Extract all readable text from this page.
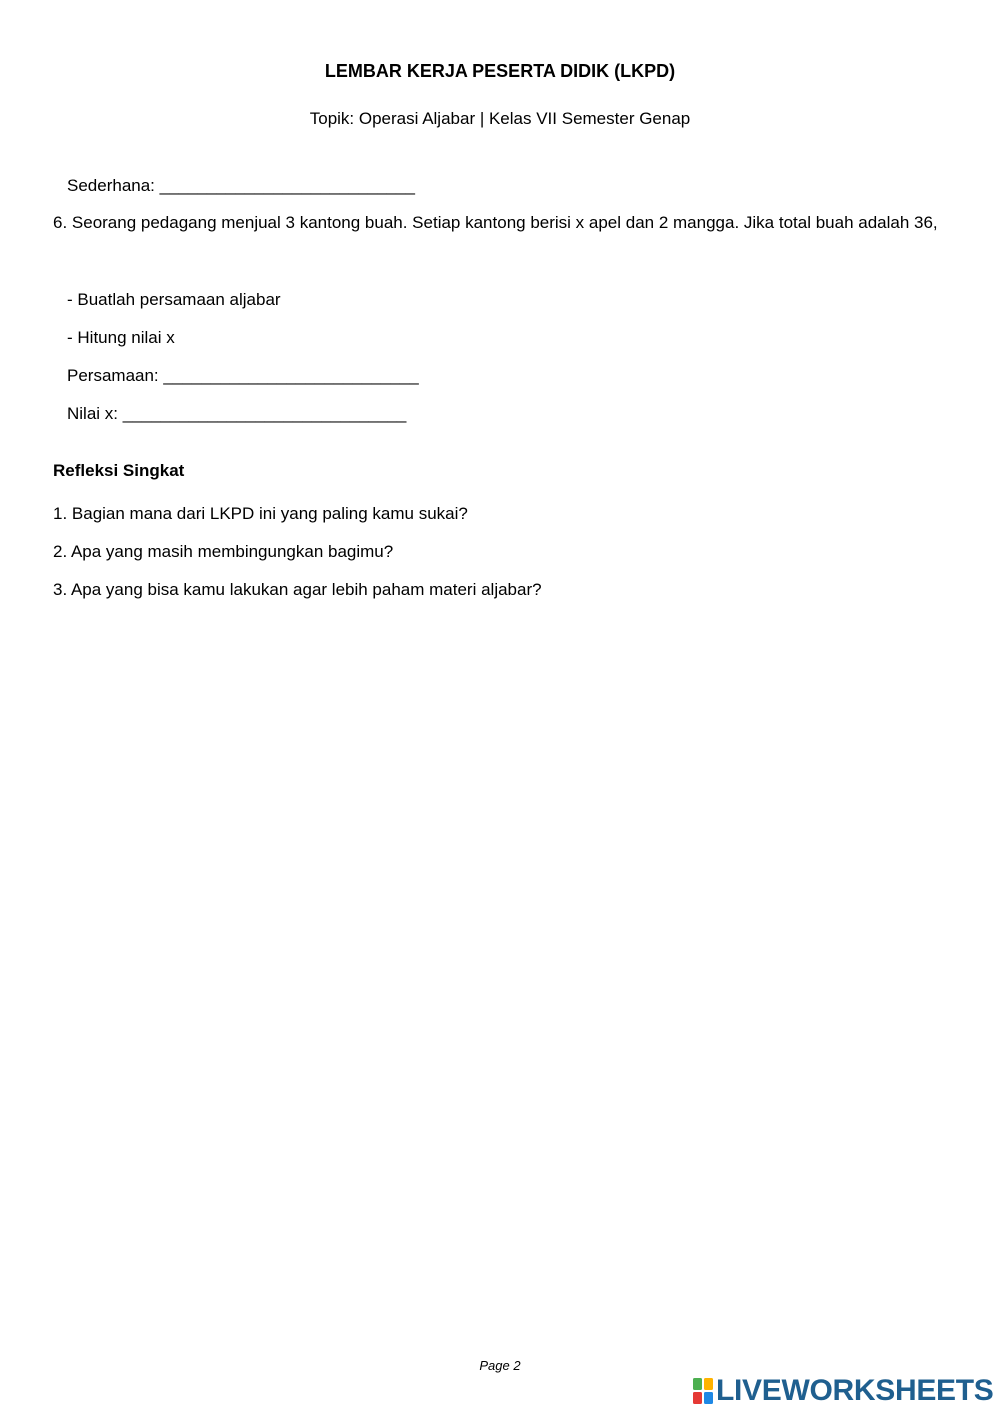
LEMBAR KERJA PESERTA DIDIK (LKPD)
Topik: Operasi Aljabar | Kelas VII Semester Genap
Sederhana: ___________________________
6. Seorang pedagang menjual 3 kantong buah. Setiap kantong berisi x apel dan 2 mangga. Jika total buah adalah 36,
- Buatlah persamaan aljabar
- Hitung nilai x
Persamaan: ___________________________
Nilai x: ______________________________
Refleksi Singkat
1. Bagian mana dari LKPD ini yang paling kamu sukai?
2. Apa yang masih membingungkan bagimu?
3. Apa yang bisa kamu lakukan agar lebih paham materi aljabar?
Page 2
LIVEWORKSHEETS
